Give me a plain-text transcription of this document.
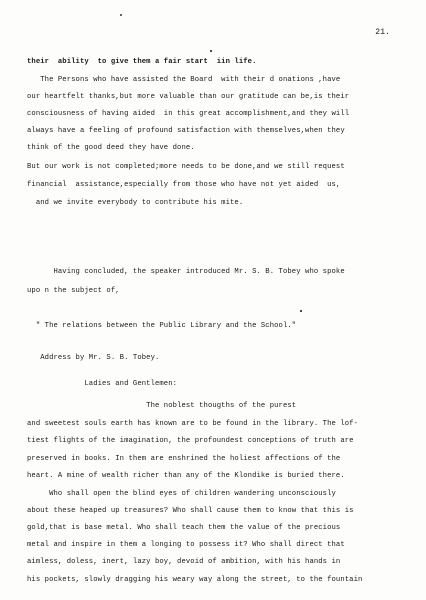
21.
their  ability  to give them a fair start  iin life.
The Persons who have assisted the Board  with their d onations ,have
our heartfelt thanks,but more valuable than our gratitude can be,is their
consciousness of having aided  in this great accomplishment,and they will
always have a feeling of profound satisfaction with themselves,when they
think of the good deed they have done.
But our work is not completed;more needs to be done,and we still request
financial  assistance,especially from those who have not yet aided  us,
and we invite everybody to contribute his mite.
Having concluded, the speaker introduced Mr. S. B. Tobey who spoke
upo n the subject of,
" The relations between the Public Library and the School."
Address by Mr. S. B. Tobey.
Ladies and Gentlemen:
The noblest thougths of the purest
and sweetest souls earth has known are to be found in the library. The lof-
tiest flights of the imagination, the profoundest conceptions of truth are
preserved in books. In them are enshrined the holiest affections of the
heart. A mine of wealth richer than any of the Klondike is buried there.
Who shall open the blind eyes of children wandering unconsciously
about these heaped up treasures? Who shall cause them to know that this is
gold,that is base metal. Who shall teach them the value of the precious
metal and inspire in them a longing to possess it? Who shall direct that
aimless, doless, inert, lazy boy, devoid of ambition, with his hands in
his pockets, slowly dragging his weary way along the street, to the fountain
